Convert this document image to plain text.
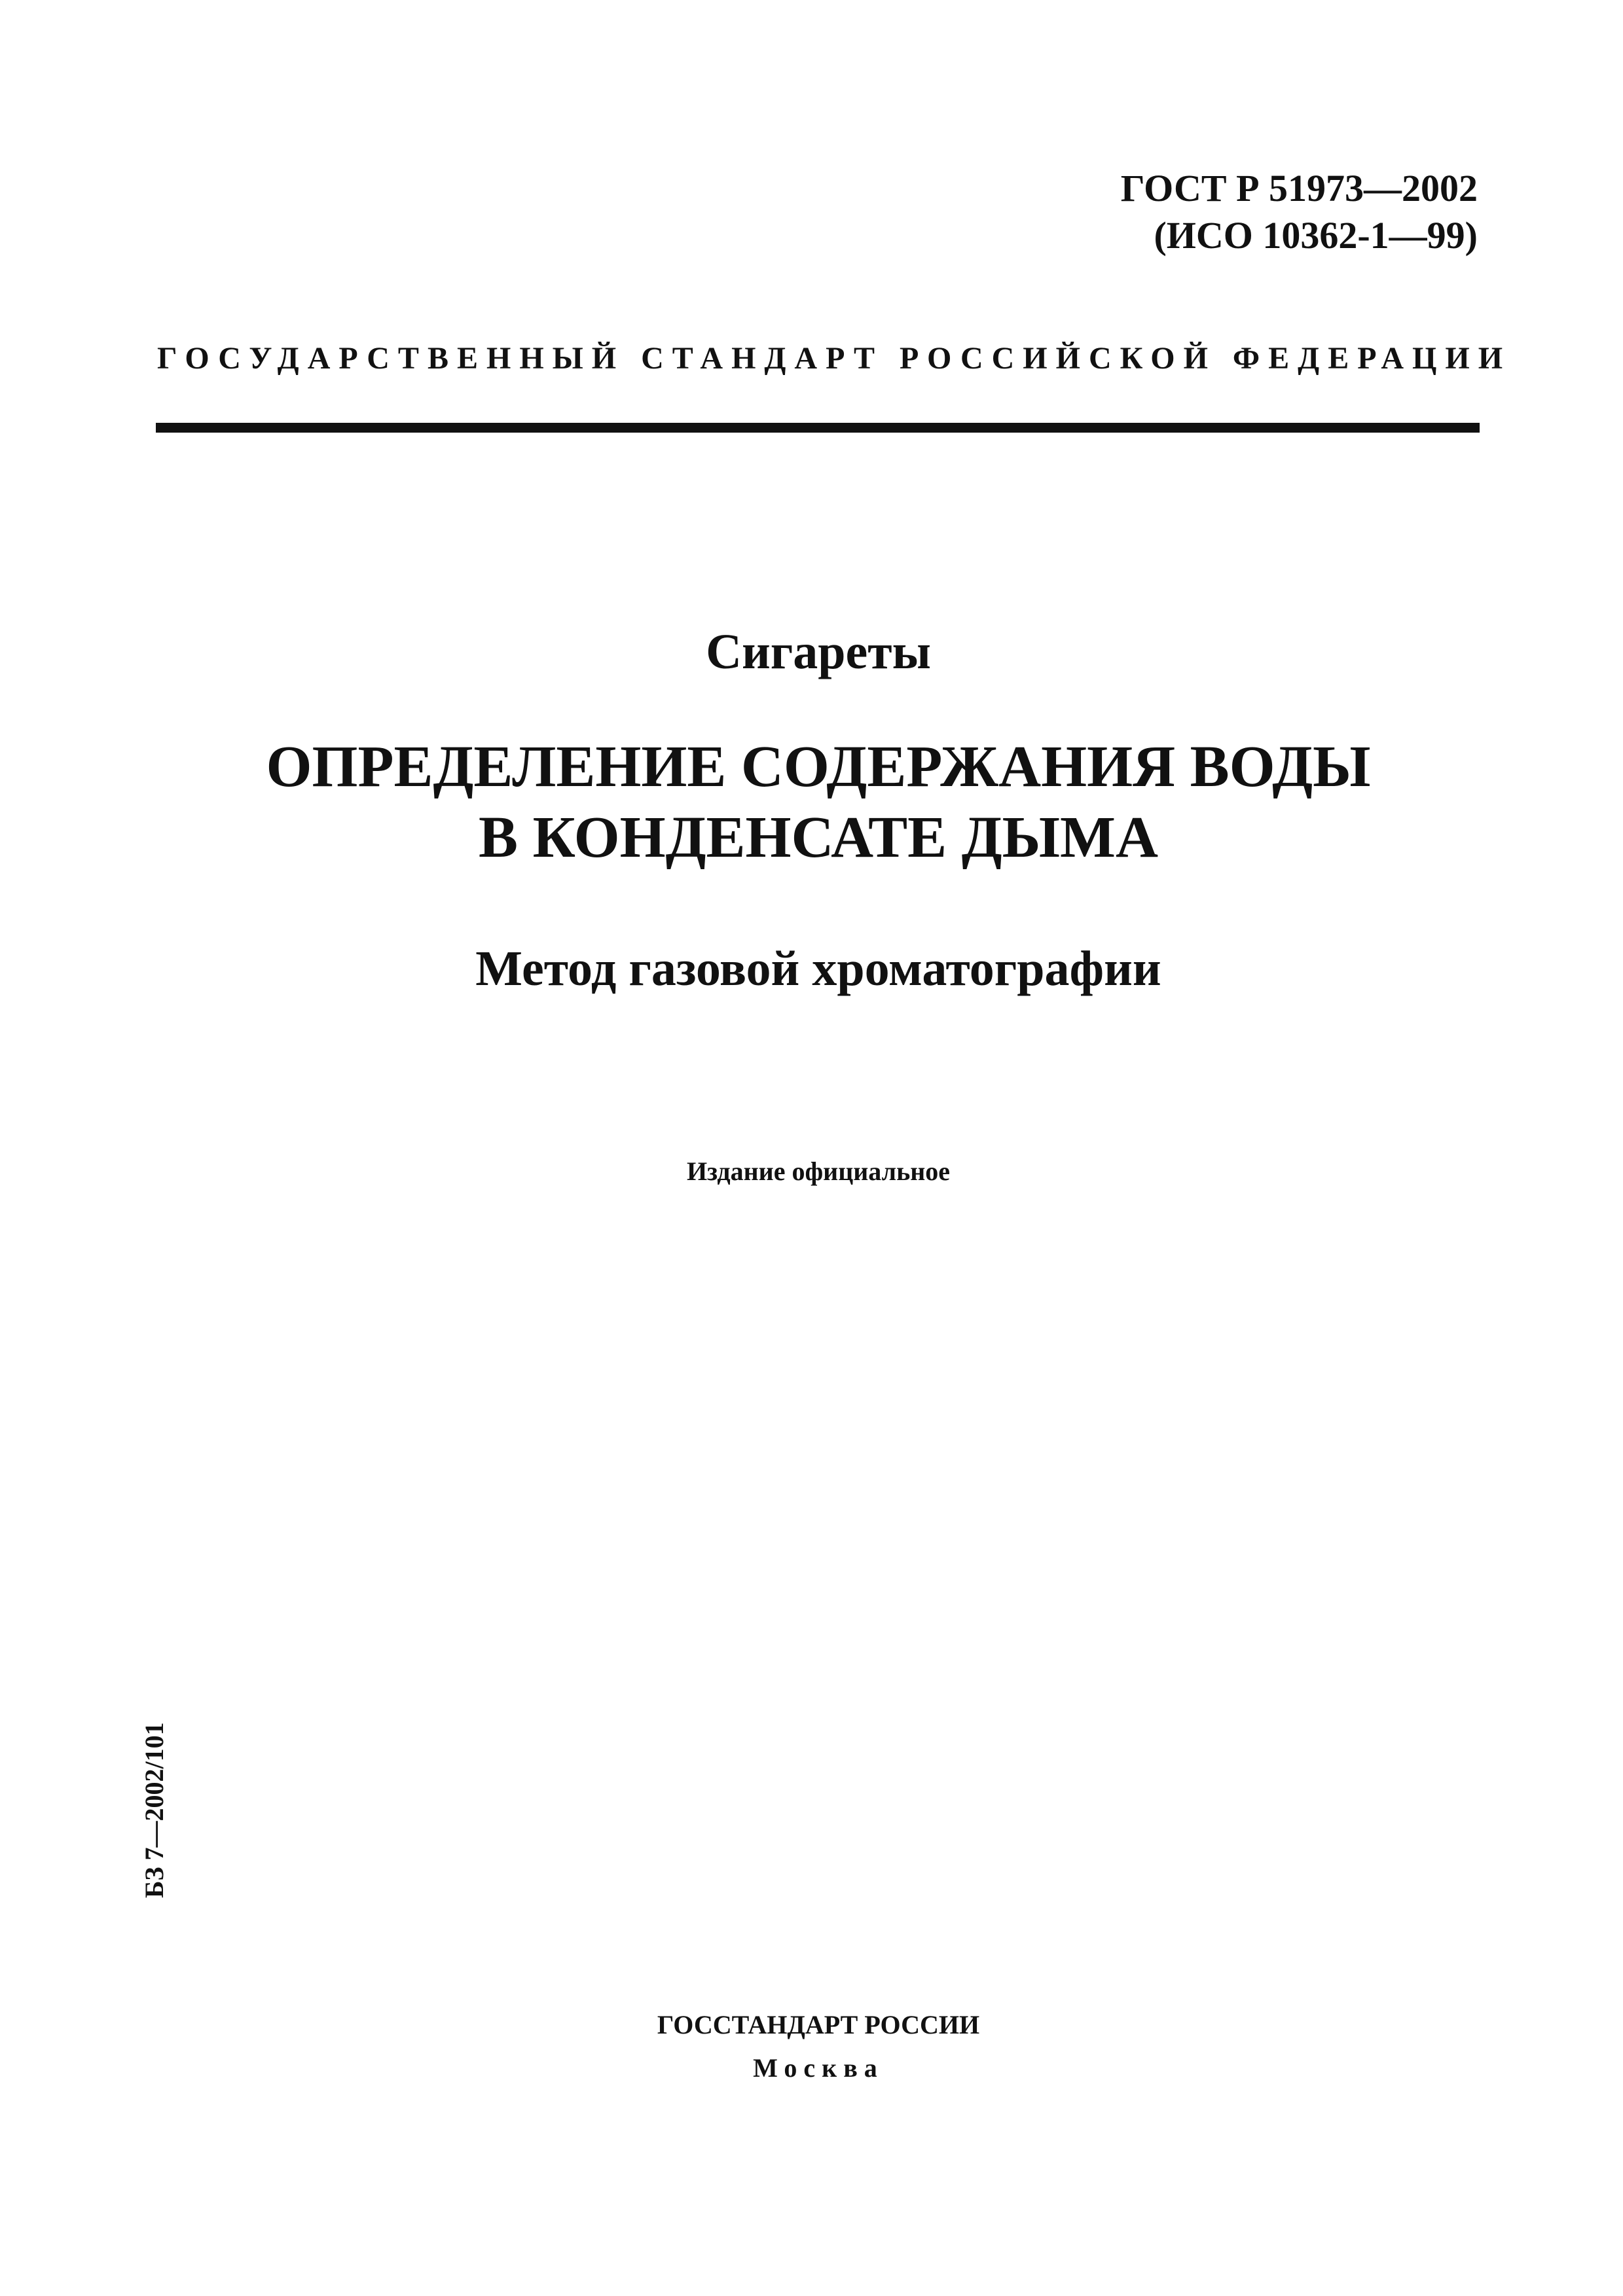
ГОСТ Р 51973—2002
(ИСО 10362-1—99)
ГОСУДАРСТВЕННЫЙ СТАНДАРТ РОССИЙСКОЙ ФЕДЕРАЦИИ
Сигареты
ОПРЕДЕЛЕНИЕ СОДЕРЖАНИЯ ВОДЫ
В КОНДЕНСАТЕ ДЫМА
Метод газовой хроматографии
Издание официальное
БЗ 7—2002/101
ГОССТАНДАРТ РОССИИ
Москва
